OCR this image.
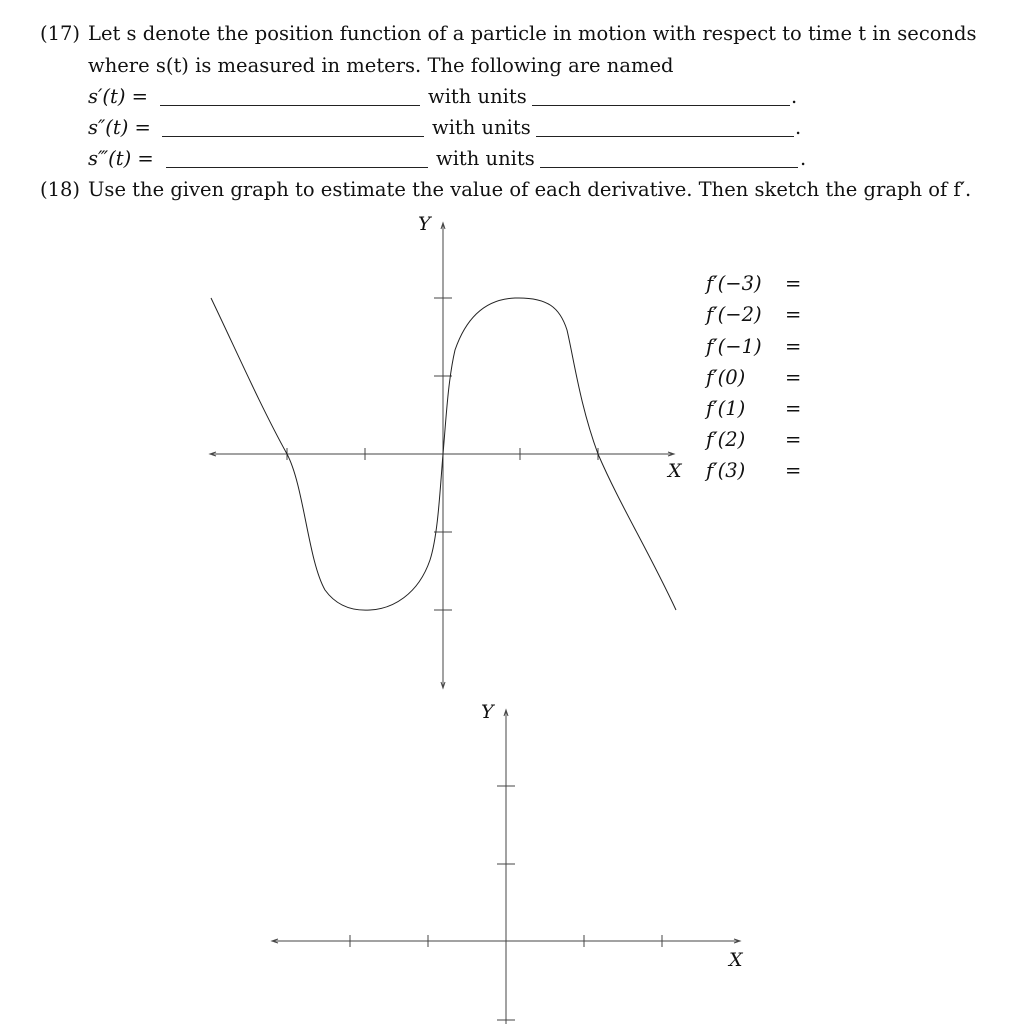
(17) Let s denote the position function of a particle in motion with respect to time t in seconds
where s(t) is measured in meters. The following are named
s′(t) =	with units	.
s″(t) =	with units	.
s‴(t) =	with units	.
(18) Use the given graph to estimate the value of each derivative. Then sketch the graph of f′.
Y
X
Y
X
f′(−3) =
f′(−2) =
f′(−1) =
f′(0) =
f′(1) =
f′(2) =
f′(3) =
